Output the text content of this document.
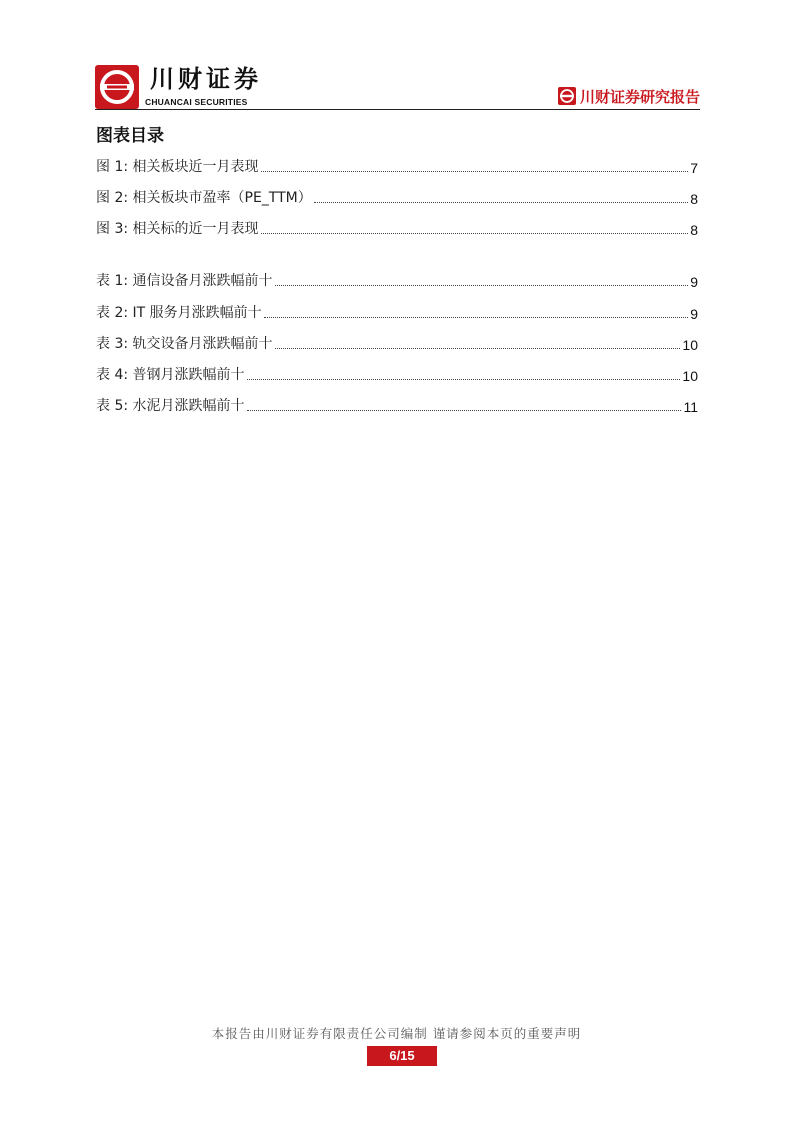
川财证券
CHUANCAI SECURITIES	川财证券研究报告
图表目录
图 1: 相关板块近一月表现	7
图 2: 相关板块市盈率（PE_TTM）	8
图 3: 相关标的近一月表现	8
表 1: 通信设备月涨跌幅前十	9
表 2: IT 服务月涨跌幅前十	9
表 3: 轨交设备月涨跌幅前十	10
表 4: 普钢月涨跌幅前十	10
表 5: 水泥月涨跌幅前十	11
本报告由川财证券有限责任公司编制 谨请参阅本页的重要声明
6/15
